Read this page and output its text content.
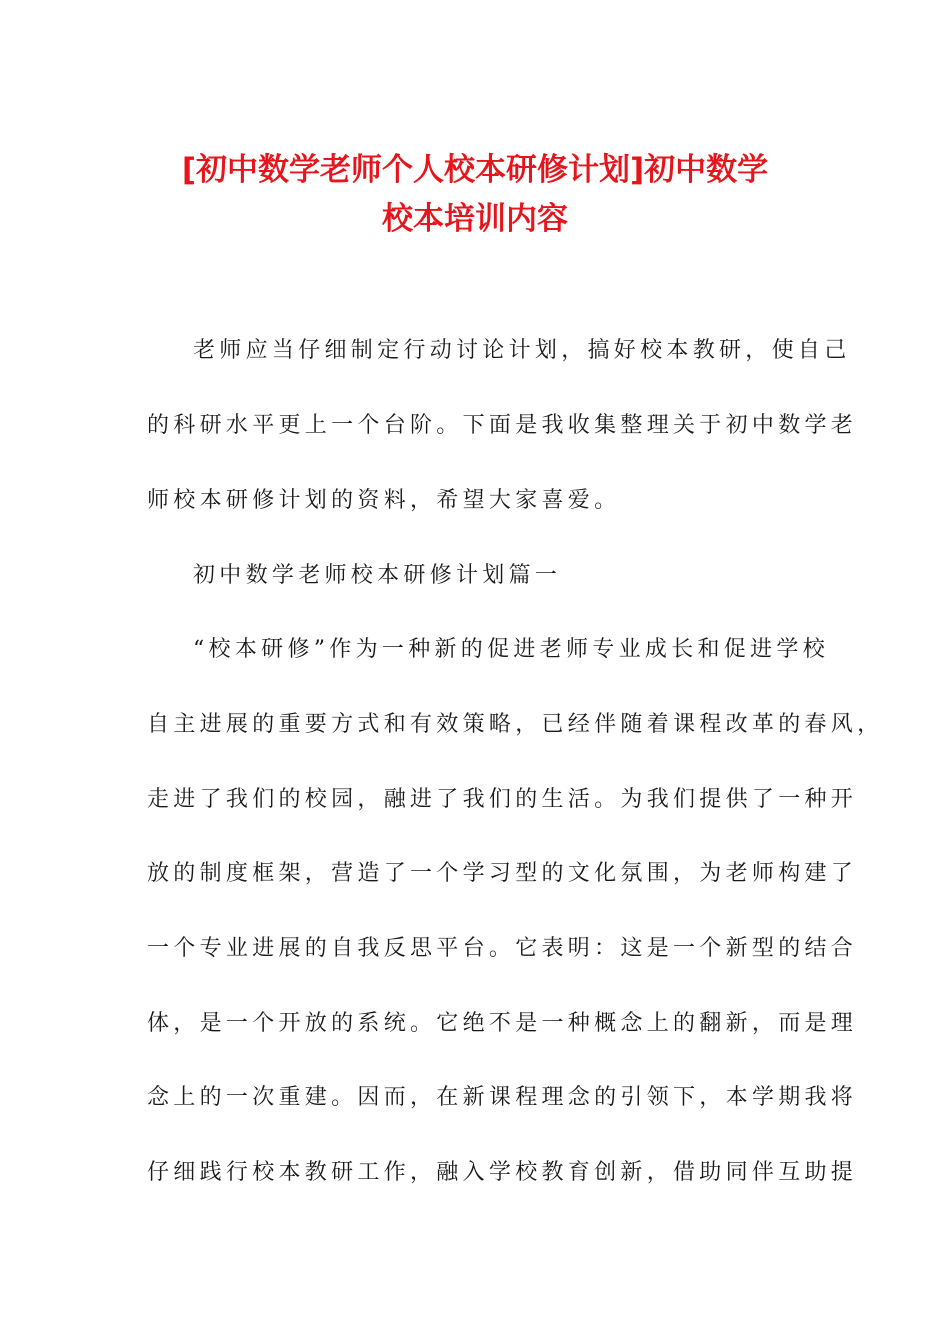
[初中数学老师个人校本研修计划]初中数学
校本培训内容
老师应当仔细制定行动讨论计划，搞好校本教研，使自己
的科研水平更上一个台阶。下面是我收集整理关于初中数学老
师校本研修计划的资料，希望大家喜爱。
初中数学老师校本研修计划篇一
“校本研修”作为一种新的促进老师专业成长和促进学校
自主进展的重要方式和有效策略，已经伴随着课程改革的春风，
走进了我们的校园，融进了我们的生活。为我们提供了一种开
放的制度框架，营造了一个学习型的文化氛围，为老师构建了
一个专业进展的自我反思平台。它表明：这是一个新型的结合
体，是一个开放的系统。它绝不是一种概念上的翻新，而是理
念上的一次重建。因而，在新课程理念的引领下，本学期我将
仔细践行校本教研工作，融入学校教育创新，借助同伴互助提
